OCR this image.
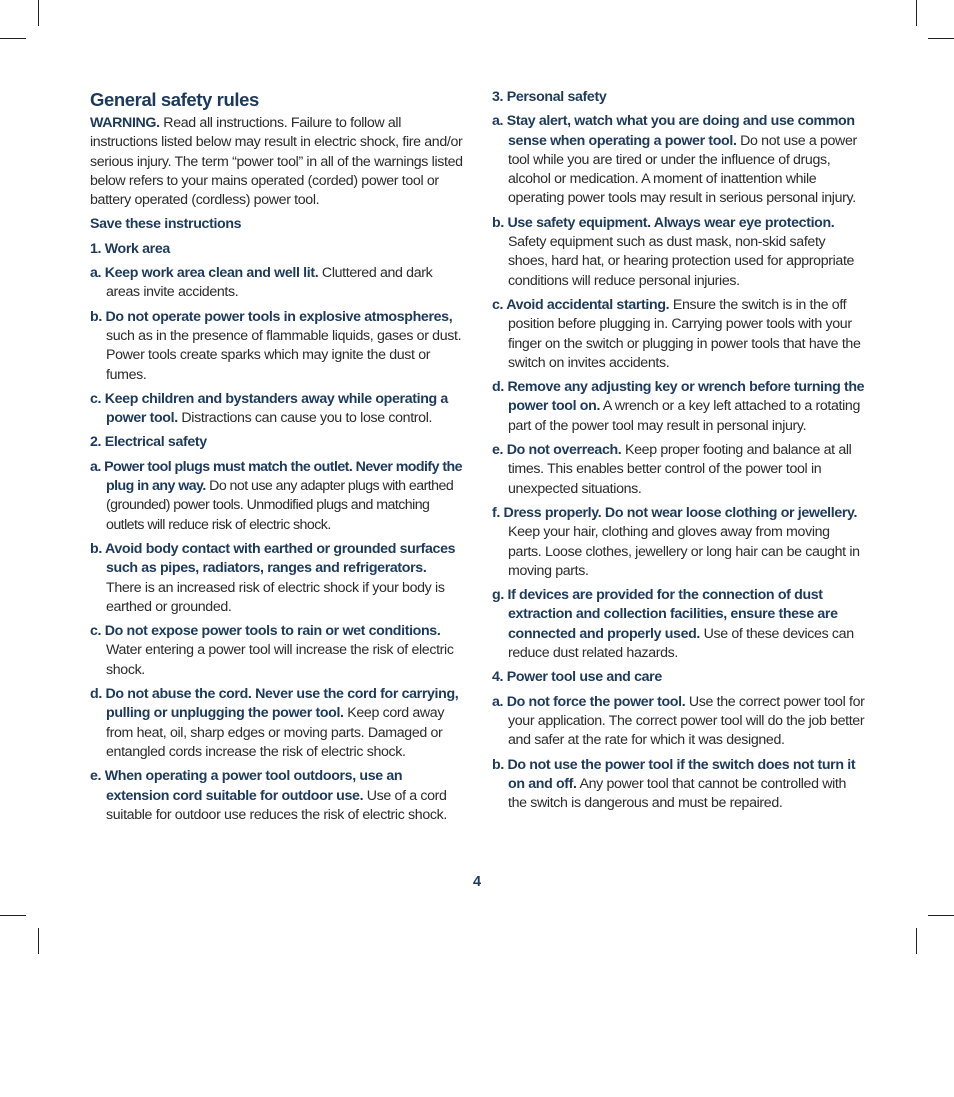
General safety rules
WARNING. Read all instructions. Failure to follow all instructions listed below may result in electric shock, fire and/or serious injury. The term “power tool” in all of the warnings listed below refers to your mains operated (corded) power tool or battery operated (cordless) power tool.
Save these instructions
1. Work area
a. Keep work area clean and well lit. Cluttered and dark areas invite accidents.
b. Do not operate power tools in explosive atmospheres, such as in the presence of flammable liquids, gases or dust. Power tools create sparks which may ignite the dust or fumes.
c. Keep children and bystanders away while operating a power tool. Distractions can cause you to lose control.
2. Electrical safety
a. Power tool plugs must match the outlet. Never modify the plug in any way. Do not use any adapter plugs with earthed (grounded) power tools. Unmodified plugs and matching outlets will reduce risk of electric shock.
b. Avoid body contact with earthed or grounded surfaces such as pipes, radiators, ranges and refrigerators. There is an increased risk of electric shock if your body is earthed or grounded.
c. Do not expose power tools to rain or wet conditions. Water entering a power tool will increase the risk of electric shock.
d. Do not abuse the cord. Never use the cord for carrying, pulling or unplugging the power tool. Keep cord away from heat, oil, sharp edges or moving parts. Damaged or entangled cords increase the risk of electric shock.
e. When operating a power tool outdoors, use an extension cord suitable for outdoor use. Use of a cord suitable for outdoor use reduces the risk of electric shock.
3. Personal safety
a. Stay alert, watch what you are doing and use common sense when operating a power tool. Do not use a power tool while you are tired or under the influence of drugs, alcohol or medication. A moment of inattention while operating power tools may result in serious personal injury.
b. Use safety equipment. Always wear eye protection. Safety equipment such as dust mask, non-skid safety shoes, hard hat, or hearing protection used for appropriate conditions will reduce personal injuries.
c. Avoid accidental starting. Ensure the switch is in the off position before plugging in. Carrying power tools with your finger on the switch or plugging in power tools that have the switch on invites accidents.
d. Remove any adjusting key or wrench before turning the power tool on. A wrench or a key left attached to a rotating part of the power tool may result in personal injury.
e. Do not overreach. Keep proper footing and balance at all times. This enables better control of the power tool in unexpected situations.
f. Dress properly. Do not wear loose clothing or jewellery. Keep your hair, clothing and gloves away from moving parts. Loose clothes, jewellery or long hair can be caught in moving parts.
g. If devices are provided for the connection of dust extraction and collection facilities, ensure these are connected and properly used. Use of these devices can reduce dust related hazards.
4. Power tool use and care
a. Do not force the power tool. Use the correct power tool for your application. The correct power tool will do the job better and safer at the rate for which it was designed.
b. Do not use the power tool if the switch does not turn it on and off. Any power tool that cannot be controlled with the switch is dangerous and must be repaired.
4
